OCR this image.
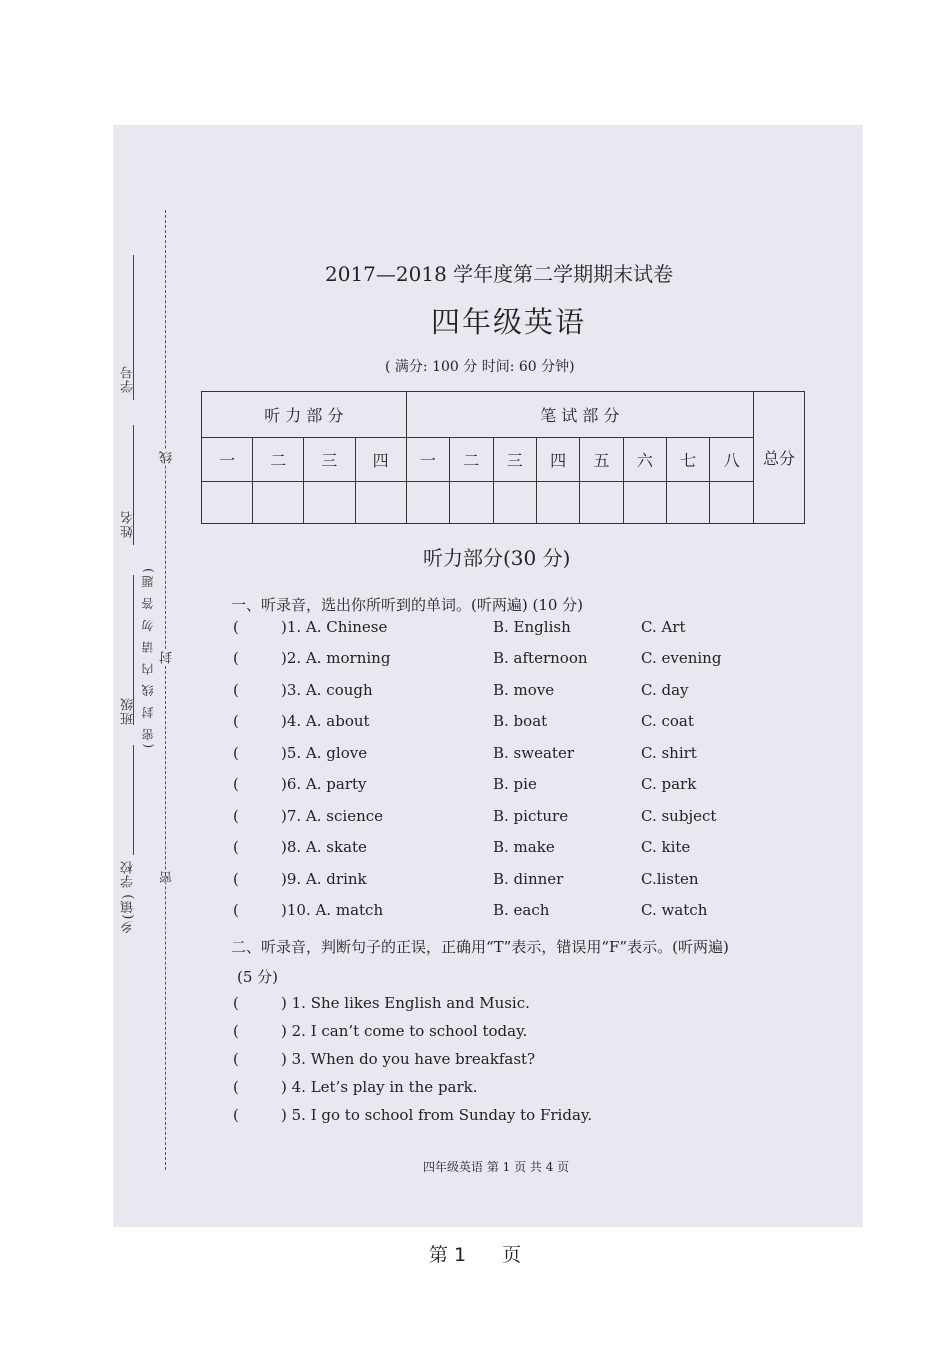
学号
姓名
班级
乡(镇) 学校
线
封
密
(密 封 线 内 请 勿 答 题)
2017—2018 学年度第二学期期末试卷
四年级英语
( 满分: 100 分 时间: 60 分钟)
听 力 部 分				笔 试 部 分								总分
一	二	三	四	一	二	三	四	五	六	七	八	

听力部分(30 分)
一、听录音，选出你所听到的单词。(听两遍) (10 分)
(	)1. A. Chinese	B. English	C. Art
(	)2. A. morning	B. afternoon	C. evening
(	)3. A. cough	B. move	C. day
(	)4. A. about	B. boat	C. coat
(	)5. A. glove	B. sweater	C. shirt
(	)6. A. party	B. pie	C. park
(	)7. A. science	B. picture	C. subject
(	)8. A. skate	B. make	C. kite
(	)9. A. drink	B. dinner	C.listen
(	)10. A. match	B. each	C. watch
二、听录音，判断句子的正误，正确用“T”表示，错误用“F”表示。(听两遍)
(5 分)
(	) 1. She likes English and Music.
(	) 2. I can’t come to school today.
(	) 3. When do you have breakfast?
(	) 4. Let’s play in the park.
(	) 5. I go to school from Sunday to Friday.
四年级英语 第 1 页 共 4 页
第 1 页
